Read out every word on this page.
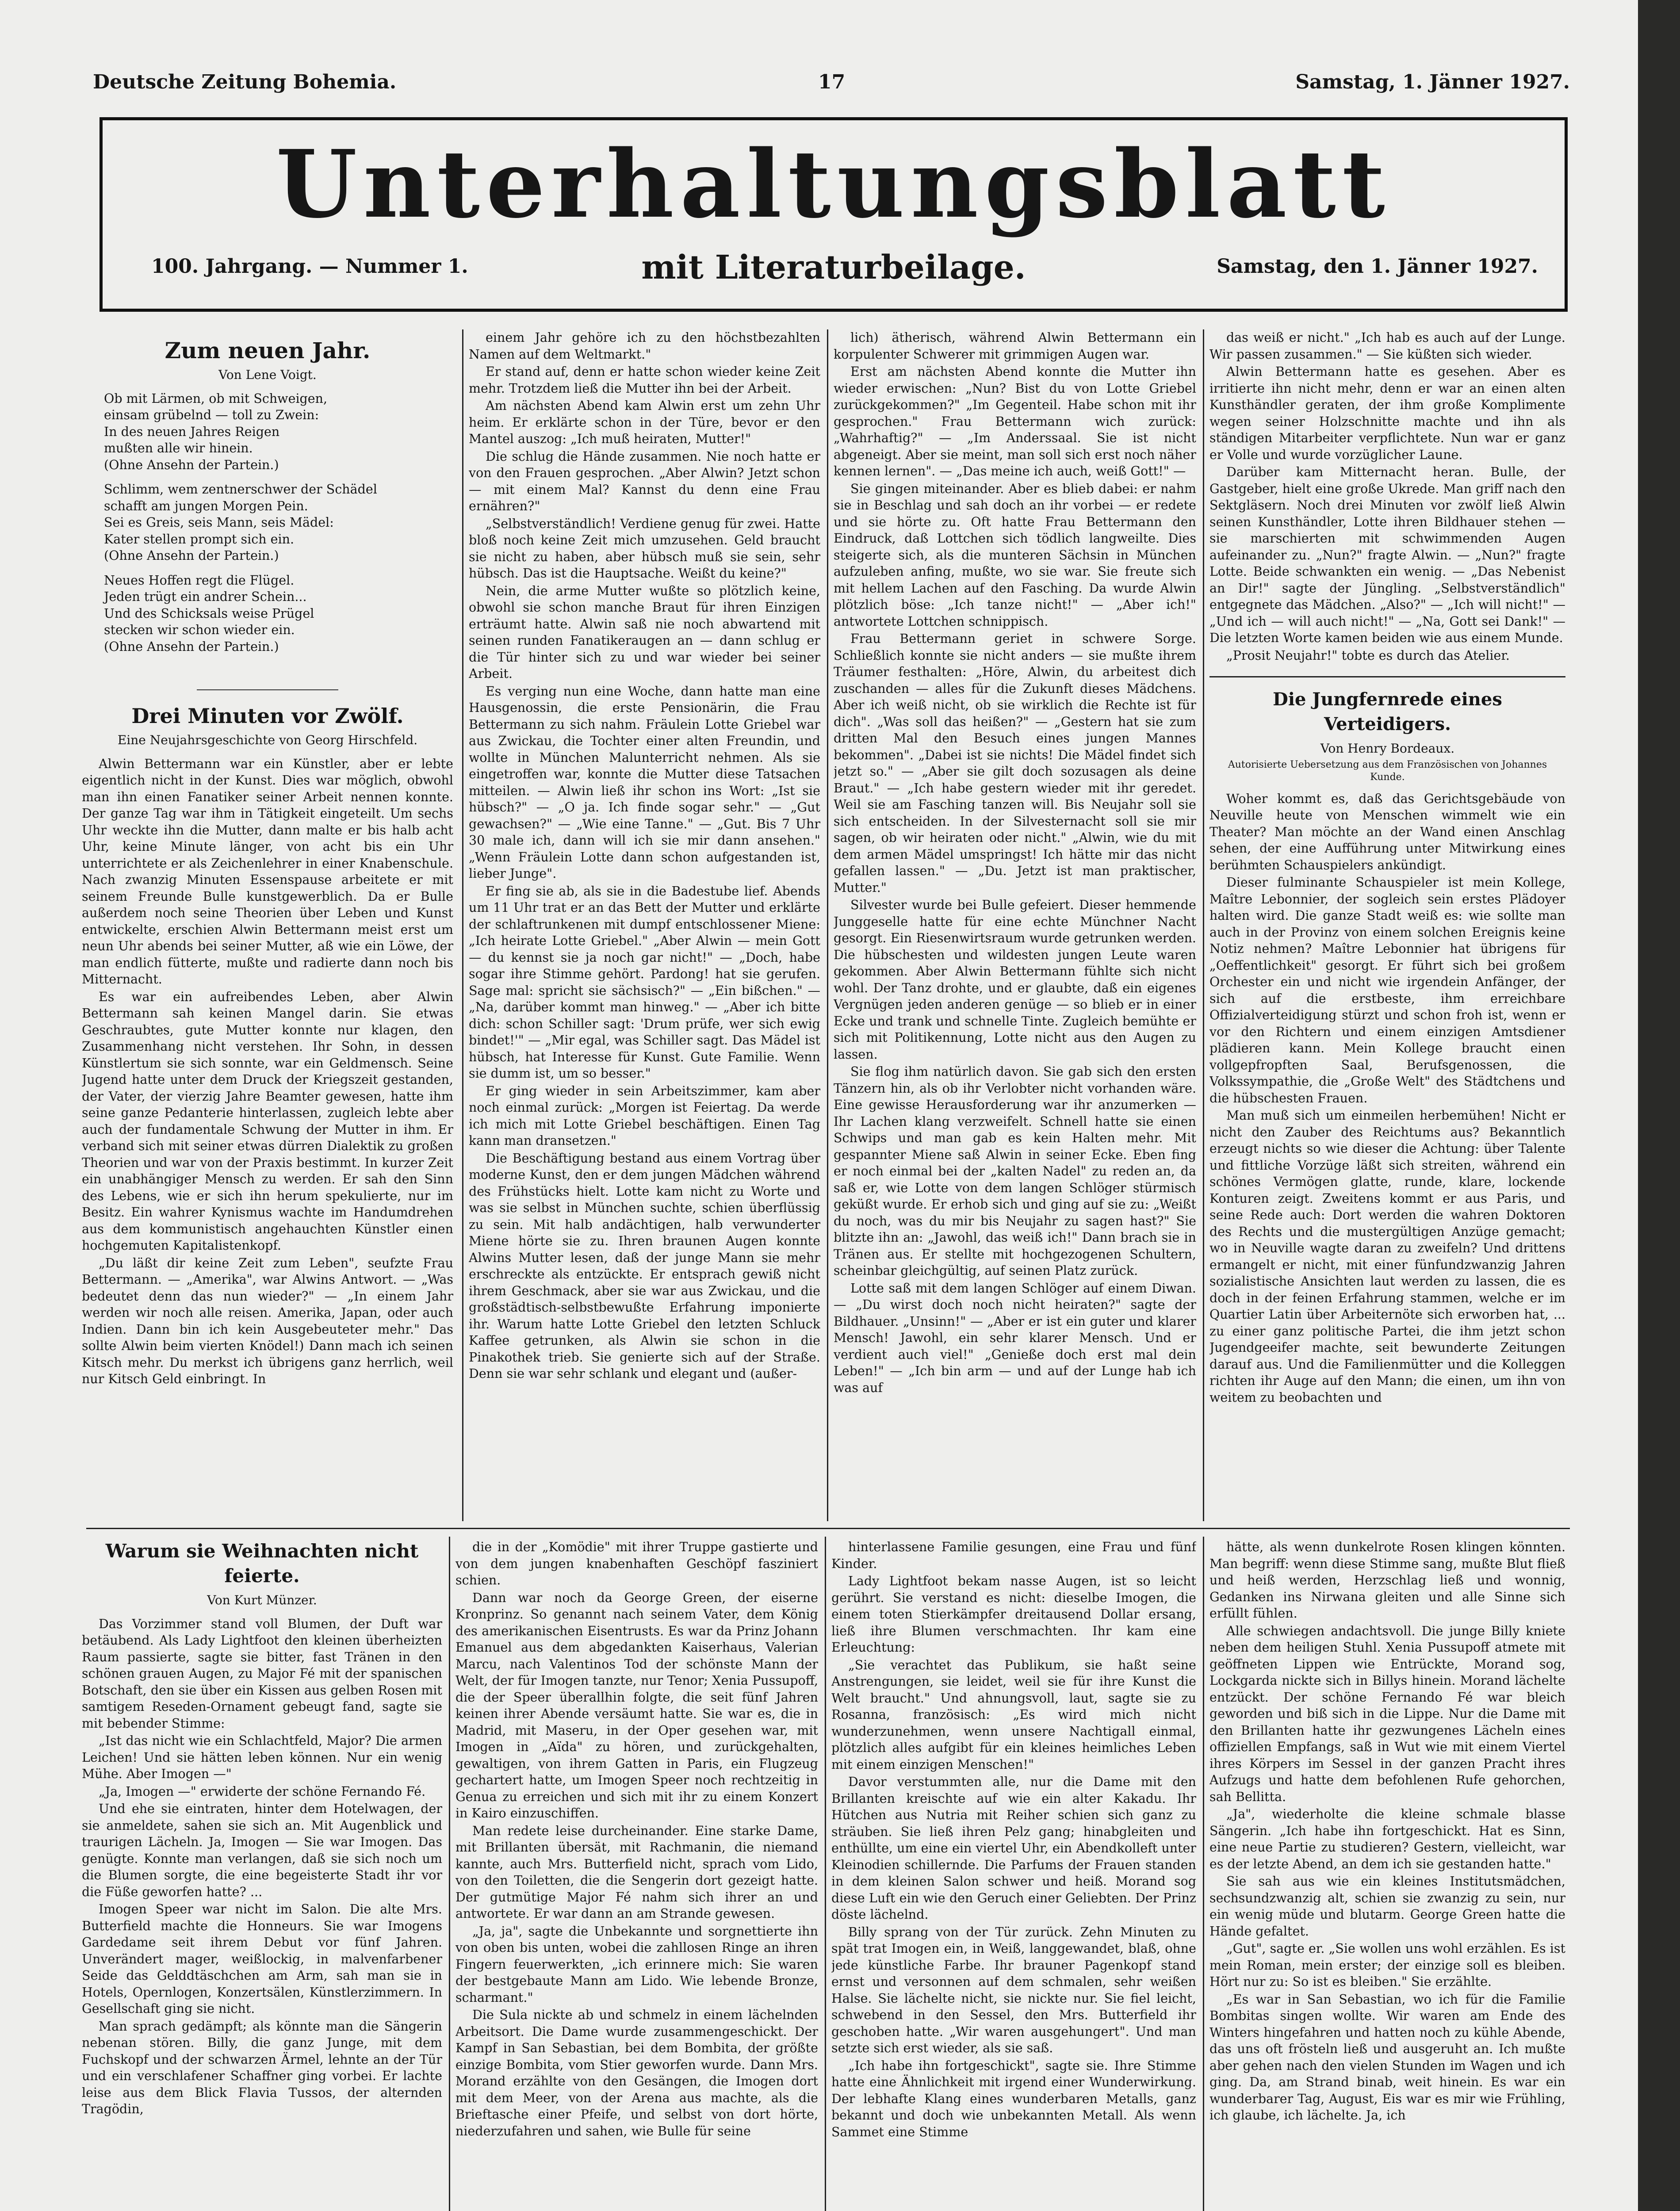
Deutsche Zeitung Bohemia.	17	Samstag, 1. Jänner 1927.
Unterhaltungsblatt
100. Jahrgang. — Nummer 1.	mit Literaturbeilage.	Samstag, den 1. Jänner 1927.
Zum neuen Jahr.
Von Lene Voigt.
Ob mit Lärmen, ob mit Schweigen,
einsam grübelnd — toll zu Zwein:
In des neuen Jahres Reigen
mußten alle wir hinein.
(Ohne Ansehn der Partein.)
Schlimm, wem zentnerschwer der Schädel
schafft am jungen Morgen Pein.
Sei es Greis, seis Mann, seis Mädel:
Kater stellen prompt sich ein.
(Ohne Ansehn der Partein.)
Neues Hoffen regt die Flügel.
Jeden trügt ein andrer Schein...
Und des Schicksals weise Prügel
stecken wir schon wieder ein.
(Ohne Ansehn der Partein.)
Drei Minuten vor Zwölf.
Eine Neujahrsgeschichte von Georg Hirschfeld.

Alwin Bettermann war ein Künstler, aber er lebte eigentlich nicht in der Kunst. Dies war möglich, obwohl man ihn einen Fanatiker seiner Arbeit nennen konnte. Der ganze Tag war ihm in Tätigkeit eingeteilt. Um sechs Uhr weckte ihn die Mutter, dann malte er bis halb acht Uhr, keine Minute länger, von acht bis ein Uhr unterrichtete er als Zeichenlehrer in einer Knabenschule. Nach zwanzig Minuten Essenspause arbeitete er mit seinem Freunde Bulle kunstgewerblich. Da er Bulle außerdem noch seine Theorien über Leben und Kunst entwickelte, erschien Alwin Bettermann meist erst um neun Uhr abends bei seiner Mutter, aß wie ein Löwe, der man endlich fütterte, mußte und radierte dann noch bis Mitternacht.

Es war ein aufreibendes Leben, aber Alwin Bettermann sah keinen Mangel darin. Sie etwas Geschraubtes, gute Mutter konnte nur klagen, den Zusammenhang nicht verstehen. Ihr Sohn, in dessen Künstlertum sie sich sonnte, war ein Geldmensch. Seine Jugend hatte unter dem Druck der Kriegszeit gestanden, der Vater, der vierzig Jahre Beamter gewesen, hatte ihm seine ganze Pedanterie hinterlassen, zugleich lebte aber auch der fundamentale Schwung der Mutter in ihm. Er verband sich mit seiner etwas dürren Dialektik zu großen Theorien und war von der Praxis bestimmt. In kurzer Zeit ein unabhängiger Mensch zu werden. Er sah den Sinn des Lebens, wie er sich ihn herum spekulierte, nur im Besitz. Ein wahrer Kynismus wachte im Handumdrehen aus dem kommunistisch angehauchten Künstler einen hochgemuten Kapitalistenkopf.

„Du läßt dir keine Zeit zum Leben", seufzte Frau Bettermann. — „Amerika", war Alwins Antwort. — „Was bedeutet denn das nun wieder?" — „In einem Jahr werden wir noch alle reisen. Amerika, Japan, oder auch Indien. Dann bin ich kein Ausgebeuteter mehr." Das sollte Alwin beim vierten Knödel!) Dann mach ich seinen Kitsch mehr. Du merkst ich übrigens ganz herrlich, weil nur Kitsch Geld einbringt. In

einem Jahr gehöre ich zu den höchstbezahlten Namen auf dem Weltmarkt."

Er stand auf, denn er hatte schon wieder keine Zeit mehr. Trotzdem ließ die Mutter ihn bei der Arbeit.

Am nächsten Abend kam Alwin erst um zehn Uhr heim. Er erklärte schon in der Türe, bevor er den Mantel auszog: „Ich muß heiraten, Mutter!"

Die schlug die Hände zusammen. Nie noch hatte er von den Frauen gesprochen. „Aber Alwin? Jetzt schon — mit einem Mal? Kannst du denn eine Frau ernähren?"

„Selbstverständlich! Verdiene genug für zwei. Hatte bloß noch keine Zeit mich umzusehen. Geld braucht sie nicht zu haben, aber hübsch muß sie sein, sehr hübsch. Das ist die Hauptsache. Weißt du keine?"

Nein, die arme Mutter wußte so plötzlich keine, obwohl sie schon manche Braut für ihren Einzigen erträumt hatte. Alwin saß nie noch abwartend mit seinen runden Fanatikeraugen an — dann schlug er die Tür hinter sich zu und war wieder bei seiner Arbeit.

Es verging nun eine Woche, dann hatte man eine Hausgenossin, die erste Pensionärin, die Frau Bettermann zu sich nahm. Fräulein Lotte Griebel war aus Zwickau, die Tochter einer alten Freundin, und wollte in München Malunterricht nehmen. Als sie eingetroffen war, konnte die Mutter diese Tatsachen mitteilen. — Alwin ließ ihr schon ins Wort: „Ist sie hübsch?" — „O ja. Ich finde sogar sehr." — „Gut gewachsen?" — „Wie eine Tanne." — „Gut. Bis 7 Uhr 30 male ich, dann will ich sie mir dann ansehen." „Wenn Fräulein Lotte dann schon aufgestanden ist, lieber Junge".

Er fing sie ab, als sie in die Badestube lief. Abends um 11 Uhr trat er an das Bett der Mutter und erklärte der schlaftrunkenen mit dumpf entschlossener Miene: „Ich heirate Lotte Griebel." „Aber Alwin — mein Gott — du kennst sie ja noch gar nicht!" — „Doch, habe sogar ihre Stimme gehört. Pardong! hat sie gerufen. Sage mal: spricht sie sächsisch?" — „Ein bißchen." — „Na, darüber kommt man hinweg." — „Aber ich bitte dich: schon Schiller sagt: 'Drum prüfe, wer sich ewig bindet!'" — „Mir egal, was Schiller sagt. Das Mädel ist hübsch, hat Interesse für Kunst. Gute Familie. Wenn sie dumm ist, um so besser."

Er ging wieder in sein Arbeitszimmer, kam aber noch einmal zurück: „Morgen ist Feiertag. Da werde ich mich mit Lotte Griebel beschäftigen. Einen Tag kann man dransetzen."

Die Beschäftigung bestand aus einem Vortrag über moderne Kunst, den er dem jungen Mädchen während des Frühstücks hielt. Lotte kam nicht zu Worte und was sie selbst in München suchte, schien überflüssig zu sein. Mit halb andächtigen, halb verwunderter Miene hörte sie zu. Ihren braunen Augen konnte Alwins Mutter lesen, daß der junge Mann sie mehr erschreckte als entzückte. Er entsprach gewiß nicht ihrem Geschmack, aber sie war aus Zwickau, und die großstädtisch-selbstbewußte Erfahrung imponierte ihr. Warum hatte Lotte Griebel den letzten Schluck Kaffee getrunken, als Alwin sie schon in die Pinakothek trieb. Sie genierte sich auf der Straße. Denn sie war sehr schlank und elegant und (außer-

lich) ätherisch, während Alwin Bettermann ein korpulenter Schwerer mit grimmigen Augen war.

Erst am nächsten Abend konnte die Mutter ihn wieder erwischen: „Nun? Bist du von Lotte Griebel zurückgekommen?" „Im Gegenteil. Habe schon mit ihr gesprochen." Frau Bettermann wich zurück: „Wahrhaftig?" — „Im Anderssaal. Sie ist nicht abgeneigt. Aber sie meint, man soll sich erst noch näher kennen lernen". — „Das meine ich auch, weiß Gott!" —

Sie gingen miteinander. Aber es blieb dabei: er nahm sie in Beschlag und sah doch an ihr vorbei — er redete und sie hörte zu. Oft hatte Frau Bettermann den Eindruck, daß Lottchen sich tödlich langweilte. Dies steigerte sich, als die munteren Sächsin in München aufzuleben anfing, mußte, wo sie war. Sie freute sich mit hellem Lachen auf den Fasching. Da wurde Alwin plötzlich böse: „Ich tanze nicht!" — „Aber ich!" antwortete Lottchen schnippisch.

Frau Bettermann geriet in schwere Sorge. Schließlich konnte sie nicht anders — sie mußte ihrem Träumer festhalten: „Höre, Alwin, du arbeitest dich zuschanden — alles für die Zukunft dieses Mädchens. Aber ich weiß nicht, ob sie wirklich die Rechte ist für dich". „Was soll das heißen?" — „Gestern hat sie zum dritten Mal den Besuch eines jungen Mannes bekommen". „Dabei ist sie nichts! Die Mädel findet sich jetzt so." — „Aber sie gilt doch sozusagen als deine Braut." — „Ich habe gestern wieder mit ihr geredet. Weil sie am Fasching tanzen will. Bis Neujahr soll sie sich entscheiden. In der Silvesternacht soll sie mir sagen, ob wir heiraten oder nicht." „Alwin, wie du mit dem armen Mädel umspringst! Ich hätte mir das nicht gefallen lassen." — „Du. Jetzt ist man praktischer, Mutter."

Silvester wurde bei Bulle gefeiert. Dieser hemmende Junggeselle hatte für eine echte Münchner Nacht gesorgt. Ein Riesenwirtsraum wurde getrunken werden. Die hübschesten und wildesten jungen Leute waren gekommen. Aber Alwin Bettermann fühlte sich nicht wohl. Der Tanz drohte, und er glaubte, daß ein eigenes Vergnügen jeden anderen genüge — so blieb er in einer Ecke und trank und schnelle Tinte. Zugleich bemühte er sich mit Politikennung, Lotte nicht aus den Augen zu lassen.

Sie flog ihm natürlich davon. Sie gab sich den ersten Tänzern hin, als ob ihr Verlobter nicht vorhanden wäre. Eine gewisse Herausforderung war ihr anzumerken — Ihr Lachen klang verzweifelt. Schnell hatte sie einen Schwips und man gab es kein Halten mehr. Mit gespannter Miene saß Alwin in seiner Ecke. Eben fing er noch einmal bei der „kalten Nadel" zu reden an, da saß er, wie Lotte von dem langen Schlöger stürmisch geküßt wurde. Er erhob sich und ging auf sie zu: „Weißt du noch, was du mir bis Neujahr zu sagen hast?" Sie blitzte ihn an: „Jawohl, das weiß ich!" Dann brach sie in Tränen aus. Er stellte mit hochgezogenen Schultern, scheinbar gleichgültig, auf seinen Platz zurück.

Lotte saß mit dem langen Schlöger auf einem Diwan. — „Du wirst doch noch nicht heiraten?" sagte der Bildhauer. „Unsinn!" — „Aber er ist ein guter und klarer Mensch! Jawohl, ein sehr klarer Mensch. Und er verdient auch viel!" „Genieße doch erst mal dein Leben!" — „Ich bin arm — und auf der Lunge hab ich was auf

das weiß er nicht." „Ich hab es auch auf der Lunge. Wir passen zusammen." — Sie küßten sich wieder.

Alwin Bettermann hatte es gesehen. Aber es irritierte ihn nicht mehr, denn er war an einen alten Kunsthändler geraten, der ihm große Komplimente wegen seiner Holzschnitte machte und ihn als ständigen Mitarbeiter verpflichtete. Nun war er ganz er Volle und wurde vorzüglicher Laune.

Darüber kam Mitternacht heran. Bulle, der Gastgeber, hielt eine große Ukrede. Man griff nach den Sektgläsern. Noch drei Minuten vor zwölf ließ Alwin seinen Kunsthändler, Lotte ihren Bildhauer stehen — sie marschierten mit schwimmenden Augen aufeinander zu. „Nun?" fragte Alwin. — „Nun?" fragte Lotte. Beide schwankten ein wenig. — „Das Nebenist an Dir!" sagte der Jüngling. „Selbstverständlich" entgegnete das Mädchen. „Also?" — „Ich will nicht!" — „Und ich — will auch nicht!" — „Na, Gott sei Dank!" — Die letzten Worte kamen beiden wie aus einem Munde.

„Prosit Neujahr!" tobte es durch das Atelier.

Die Jungfernrede eines Verteidigers.
Von Henry Bordeaux.
Autorisierte Uebersetzung aus dem Französischen von Johannes Kunde.

Woher kommt es, daß das Gerichtsgebäude von Neuville heute von Menschen wimmelt wie ein Theater? Man möchte an der Wand einen Anschlag sehen, der eine Aufführung unter Mitwirkung eines berühmten Schauspielers ankündigt.

Dieser fulminante Schauspieler ist mein Kollege, Maître Lebonnier, der sogleich sein erstes Plädoyer halten wird. Die ganze Stadt weiß es: wie sollte man auch in der Provinz von einem solchen Ereignis keine Notiz nehmen? Maître Lebonnier hat übrigens für „Oeffentlichkeit" gesorgt. Er führt sich bei großem Orchester ein und nicht wie irgendein Anfänger, der sich auf die erstbeste, ihm erreichbare Offizialverteidigung stürzt und schon froh ist, wenn er vor den Richtern und einem einzigen Amtsdiener plädieren kann. Mein Kollege braucht einen vollgepfropften Saal, Berufsgenossen, die Volkssympathie, die „Große Welt" des Städtchens und die hübschesten Frauen.

Man muß sich um einmeilen herbemühen! Nicht er nicht den Zauber des Reichtums aus? Bekanntlich erzeugt nichts so wie dieser die Achtung: über Talente und fittliche Vorzüge läßt sich streiten, während ein schönes Vermögen glatte, runde, klare, lockende Konturen zeigt. Zweitens kommt er aus Paris, und seine Rede auch: Dort werden die wahren Doktoren des Rechts und die mustergültigen Anzüge gemacht; wo in Neuville wagte daran zu zweifeln? Und drittens ermangelt er nicht, mit einer fünfundzwanzig Jahren sozialistische Ansichten laut werden zu lassen, die es doch in der feinen Erfahrung stammen, welche er im Quartier Latin über Arbeiternöte sich erworben hat, ... zu einer ganz politische Partei, die ihm jetzt schon Jugendgeeifer machte, seit bewunderte Zeitungen darauf aus. Und die Familienmütter und die Kolleggen richten ihr Auge auf den Mann; die einen, um ihn von weitem zu beobachten und

Warum sie Weihnachten nicht feierte.
Von Kurt Münzer.

Das Vorzimmer stand voll Blumen, der Duft war betäubend. Als Lady Lightfoot den kleinen überheizten Raum passierte, sagte sie bitter, fast Tränen in den schönen grauen Augen, zu Major Fé mit der spanischen Botschaft, den sie über ein Kissen aus gelben Rosen mit samtigem Reseden-Ornament gebeugt fand, sagte sie mit bebender Stimme:

„Ist das nicht wie ein Schlachtfeld, Major? Die armen Leichen! Und sie hätten leben können. Nur ein wenig Mühe. Aber Imogen —"

„Ja, Imogen —" erwiderte der schöne Fernando Fé.

Und ehe sie eintraten, hinter dem Hotelwagen, der sie anmeldete, sahen sie sich an. Mit Augenblick und traurigen Lächeln. Ja, Imogen — Sie war Imogen. Das genügte. Konnte man verlangen, daß sie sich noch um die Blumen sorgte, die eine begeisterte Stadt ihr vor die Füße geworfen hatte? ...

Imogen Speer war nicht im Salon. Die alte Mrs. Butterfield machte die Honneurs. Sie war Imogens Gardedame seit ihrem Debut vor fünf Jahren. Unverändert mager, weißlockig, in malvenfarbener Seide das Gelddtäschchen am Arm, sah man sie in Hotels, Opernlogen, Konzertsälen, Künstlerzimmern. In Gesellschaft ging sie nicht.

Man sprach gedämpft; als könnte man die Sängerin nebenan stören. Billy, die ganz Junge, mit dem Fuchskopf und der schwarzen Ärmel, lehnte an der Tür und ein verschlafener Schaffner ging vorbei. Er lachte leise aus dem Blick Flavia Tussos, der alternden Tragödin,

die in der „Komödie" mit ihrer Truppe gastierte und von dem jungen knabenhaften Geschöpf fasziniert schien.

Dann war noch da George Green, der eiserne Kronprinz. So genannt nach seinem Vater, dem König des amerikanischen Eisentrusts. Es war da Prinz Johann Emanuel aus dem abgedankten Kaiserhaus, Valerian Marcu, nach Valentinos Tod der schönste Mann der Welt, der für Imogen tanzte, nur Tenor; Xenia Pussupoff, die der Speer überallhin folgte, die seit fünf Jahren keinen ihrer Abende versäumt hatte. Sie war es, die in Madrid, mit Maseru, in der Oper gesehen war, mit Imogen in „Aïda" zu hören, und zurückgehalten, gewaltigen, von ihrem Gatten in Paris, ein Flugzeug gechartert hatte, um Imogen Speer noch rechtzeitig in Genua zu erreichen und sich mit ihr zu einem Konzert in Kairo einzuschiffen.

Man redete leise durcheinander. Eine starke Dame, mit Brillanten übersät, mit Rachmanin, die niemand kannte, auch Mrs. Butterfield nicht, sprach vom Lido, von den Toiletten, die die Sengerin dort gezeigt hatte. Der gutmütige Major Fé nahm sich ihrer an und antwortete. Er war dann an am Strande gewesen.

„Ja, ja", sagte die Unbekannte und sorgnettierte ihn von oben bis unten, wobei die zahllosen Ringe an ihren Fingern feuerwerkten, „ich erinnere mich: Sie waren der bestgebaute Mann am Lido. Wie lebende Bronze, scharmant."

Die Sula nickte ab und schmelz in einem lächelnden Arbeitsort. Die Dame wurde zusammengeschickt. Der Kampf in San Sebastian, bei dem Bombita, der größte einzige Bombita, vom Stier geworfen wurde. Dann Mrs. Morand erzählte von den Gesängen, die Imogen dort mit dem Meer, von der Arena aus machte, als die Brieftasche einer Pfeife, und selbst von dort hörte, niederzufahren und sahen, wie Bulle für seine

hinterlassene Familie gesungen, eine Frau und fünf Kinder.

Lady Lightfoot bekam nasse Augen, ist so leicht gerührt. Sie verstand es nicht: dieselbe Imogen, die einem toten Stierkämpfer dreitausend Dollar ersang, ließ ihre Blumen verschmachten. Ihr kam eine Erleuchtung:

„Sie verachtet das Publikum, sie haßt seine Anstrengungen, sie leidet, weil sie für ihre Kunst die Welt braucht." Und ahnungsvoll, laut, sagte sie zu Rosanna, französisch: „Es wird mich nicht wunderzunehmen, wenn unsere Nachtigall einmal, plötzlich alles aufgibt für ein kleines heimliches Leben mit einem einzigen Menschen!"

Davor verstummten alle, nur die Dame mit den Brillanten kreischte auf wie ein alter Kakadu. Ihr Hütchen aus Nutria mit Reiher schien sich ganz zu sträuben. Sie ließ ihren Pelz gang; hinabgleiten und enthüllte, um eine ein viertel Uhr, ein Abendkolleft unter Kleinodien schillernde. Die Parfums der Frauen standen in dem kleinen Salon schwer und heiß. Morand sog diese Luft ein wie den Geruch einer Geliebten. Der Prinz döste lächelnd.

Billy sprang von der Tür zurück. Zehn Minuten zu spät trat Imogen ein, in Weiß, langgewandet, blaß, ohne jede künstliche Farbe. Ihr brauner Pagenkopf stand ernst und versonnen auf dem schmalen, sehr weißen Halse. Sie lächelte nicht, sie nickte nur. Sie fiel leicht, schwebend in den Sessel, den Mrs. Butterfield ihr geschoben hatte. „Wir waren ausgehungert". Und man setzte sich erst wieder, als sie saß.

„Ich habe ihn fortgeschickt", sagte sie. Ihre Stimme hatte eine Ähnlichkeit mit irgend einer Wunderwirkung. Der lebhafte Klang eines wunderbaren Metalls, ganz bekannt und doch wie unbekannten Metall. Als wenn Sammet eine Stimme

hätte, als wenn dunkelrote Rosen klingen könnten. Man begriff: wenn diese Stimme sang, mußte Blut fließ und heiß werden, Herzschlag ließ und wonnig, Gedanken ins Nirwana gleiten und alle Sinne sich erfüllt fühlen.

Alle schwiegen andachtsvoll. Die junge Billy kniete neben dem heiligen Stuhl. Xenia Pussupoff atmete mit geöffneten Lippen wie Entrückte, Morand sog, Lockgarda nickte sich in Billys hinein. Morand lächelte entzückt. Der schöne Fernando Fé war bleich geworden und biß sich in die Lippe. Nur die Dame mit den Brillanten hatte ihr gezwungenes Lächeln eines offiziellen Empfangs, saß in Wut wie mit einem Viertel ihres Körpers im Sessel in der ganzen Pracht ihres Aufzugs und hatte dem befohlenen Rufe gehorchen, sah Bellitta.

„Ja", wiederholte die kleine schmale blasse Sängerin. „Ich habe ihn fortgeschickt. Hat es Sinn, eine neue Partie zu studieren? Gestern, vielleicht, war es der letzte Abend, an dem ich sie gestanden hatte."

Sie sah aus wie ein kleines Institutsmädchen, sechsundzwanzig alt, schien sie zwanzig zu sein, nur ein wenig müde und blutarm. George Green hatte die Hände gefaltet.

„Gut", sagte er. „Sie wollen uns wohl erzählen. Es ist mein Roman, mein erster; der einzige soll es bleiben. Hört nur zu: So ist es bleiben." Sie erzählte.

„Es war in San Sebastian, wo ich für die Familie Bombitas singen wollte. Wir waren am Ende des Winters hingefahren und hatten noch zu kühle Abende, das uns oft frösteln ließ und ausgeruht an. Ich mußte aber gehen nach den vielen Stunden im Wagen und ich ging. Da, am Strand binab, weit hinein. Es war ein wunderbarer Tag, August, Eis war es mir wie Frühling, ich glaube, ich lächelte. Ja, ich
